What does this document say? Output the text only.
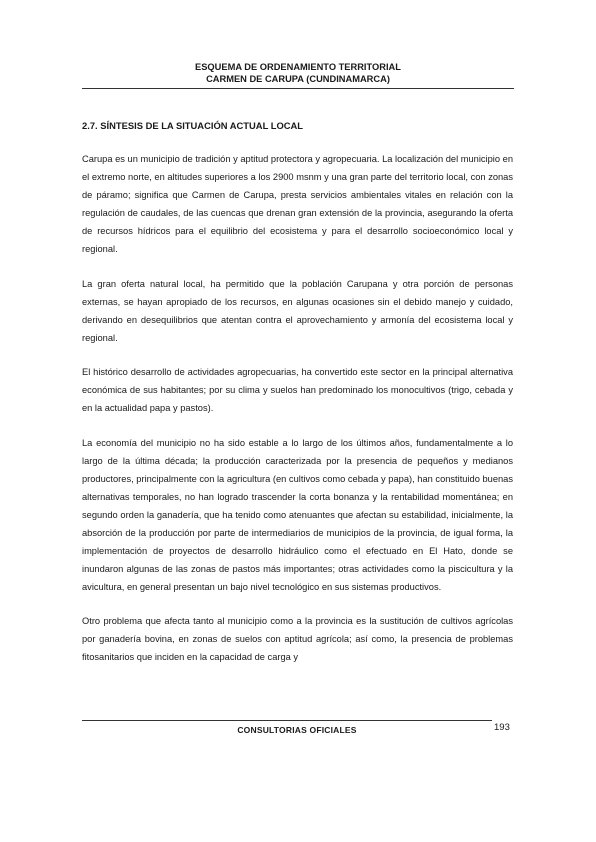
ESQUEMA DE ORDENAMIENTO TERRITORIAL
CARMEN DE CARUPA (CUNDINAMARCA)
2.7. SÍNTESIS DE LA SITUACIÓN ACTUAL LOCAL

Carupa es un municipio de tradición y aptitud protectora y agropecuaria. La localización del municipio en el extremo norte, en altitudes superiores a los 2900 msnm y una gran parte del territorio local, con zonas de páramo; significa que Carmen de Carupa, presta servicios ambientales vitales en relación con la regulación de caudales, de las cuencas que drenan gran extensión de la provincia, asegurando la oferta de recursos hídricos para el equilibrio del ecosistema y para el desarrollo socioeconómico local y regional.

La gran oferta natural local, ha permitido que la población Carupana y otra porción de personas externas, se hayan apropiado de los recursos, en algunas ocasiones sin el debido manejo y cuidado, derivando en desequilibrios que atentan contra el aprovechamiento y armonía del ecosistema local y regional.

El histórico desarrollo de actividades agropecuarias, ha convertido este sector en la principal alternativa económica de sus habitantes; por su clima y suelos han predominado los monocultivos (trigo, cebada y en la actualidad papa y pastos).

La economía del municipio no ha sido estable a lo largo de los últimos años, fundamentalmente a lo largo de la última década; la producción caracterizada por la presencia de pequeños y medianos productores, principalmente con la agricultura (en cultivos como cebada y papa), han constituido buenas alternativas temporales, no han logrado trascender la corta bonanza y la rentabilidad momentánea; en segundo orden la ganadería, que ha tenido como atenuantes que afectan su estabilidad, inicialmente, la absorción de la producción por parte de intermediarios de municipios de la provincia, de igual forma, la implementación de proyectos de desarrollo hidráulico como el efectuado en El Hato, donde se inundaron algunas de las zonas de pastos más importantes; otras actividades como la piscicultura y la avicultura, en general presentan un bajo nivel tecnológico en sus sistemas productivos.

Otro problema que afecta tanto al municipio como a la provincia es la sustitución de cultivos agrícolas por ganadería bovina, en zonas de suelos con aptitud agrícola; así como, la presencia de problemas fitosanitarios que inciden en la capacidad de carga y

CONSULTORIAS OFICIALES	193
